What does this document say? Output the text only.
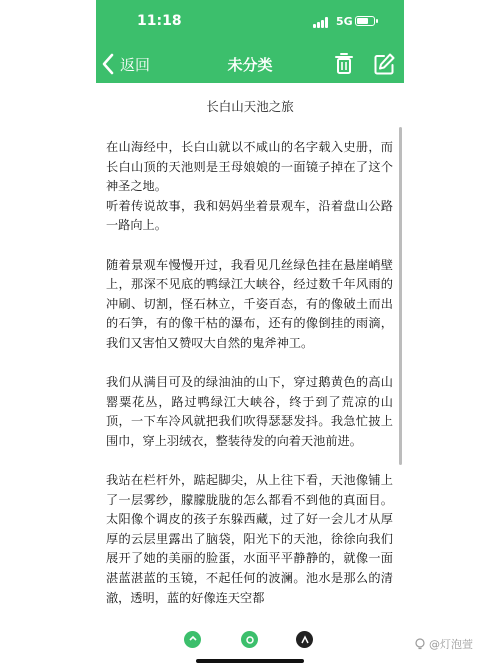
11:18	5G
返回	未分类
长白山天池之旅

在山海经中，长白山就以不咸山的名字载入史册，而长白山顶的天池则是王母娘娘的一面镜子掉在了这个神圣之地。
听着传说故事，我和妈妈坐着景观车，沿着盘山公路一路向上。

随着景观车慢慢开过，我看见几丝绿色挂在悬崖峭壁上，那深不见底的鸭绿江大峡谷，经过数千年风雨的冲刷、切割，怪石林立，千姿百态，有的像破土而出的石笋，有的像干枯的瀑布，还有的像倒挂的雨滴，我们又害怕又赞叹大自然的鬼斧神工。

我们从满目可及的绿油油的山下，穿过鹅黄色的高山罂粟花丛，路过鸭绿江大峡谷，终于到了荒凉的山顶，一下车冷风就把我们吹得瑟瑟发抖。我急忙披上围巾，穿上羽绒衣，整装待发的向着天池前进。

我站在栏杆外，踮起脚尖，从上往下看，天池像铺上了一层雾纱，朦朦胧胧的怎么都看不到他的真面目。太阳像个调皮的孩子东躲西藏，过了好一会儿才从厚厚的云层里露出了脑袋，阳光下的天池，徐徐向我们展开了她的美丽的脸蛋，水面平平静静的，就像一面湛蓝湛蓝的玉镜，不起任何的波澜。池水是那么的清澈，透明，蓝的好像连天空都

@灯泡萱
